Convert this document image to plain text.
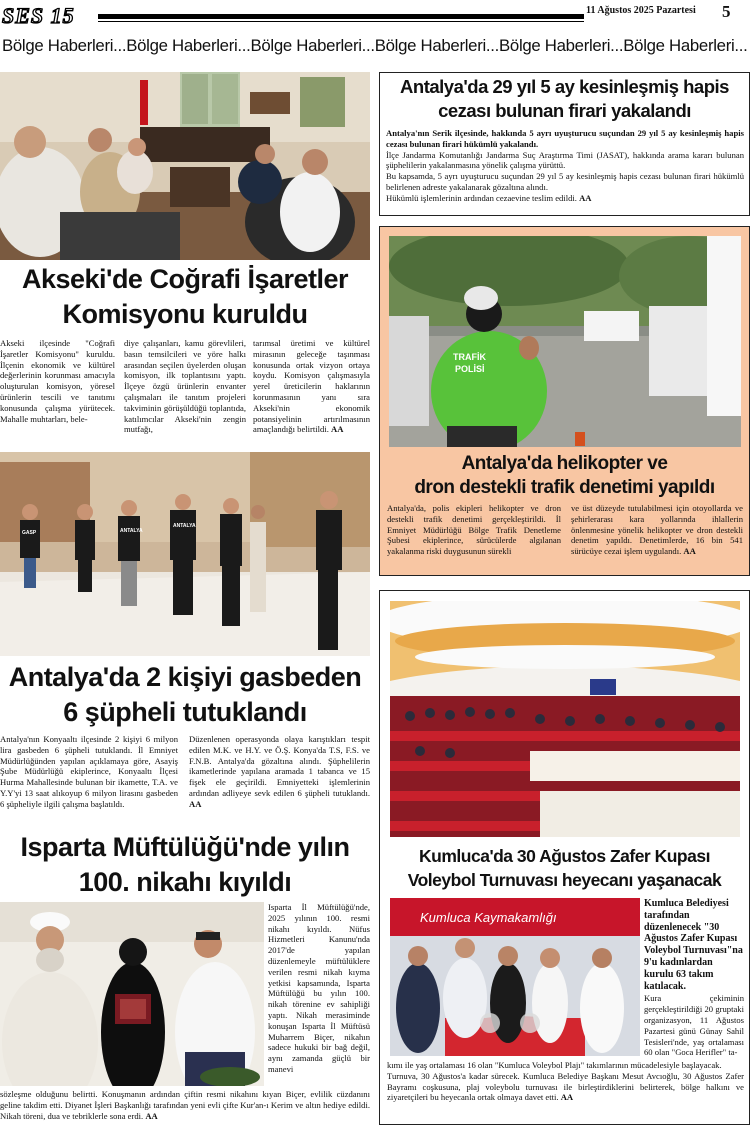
SES 15	11 Ağustos 2025 Pazartesi 5
Bölge Haberleri...Bölge Haberleri...Bölge Haberleri...Bölge Haberleri...Bölge Haberleri...Bölge Haberleri...
Akseki'de Coğrafi İşaretler
Komisyonu kuruldu
Akseki ilçesinde "Coğrafi İşaretler Komisyonu" kuruldu. İlçenin ekonomik ve kültürel değerlerinin korunması amacıyla oluşturulan komisyon, yöresel ürünlerin tescili ve tanıtımı konusunda çalışma yürütecek. Mahalle muhtarları, bele-
diye çalışanları, kamu görevlileri, basın temsilcileri ve yöre halkı arasından seçilen üyelerden oluşan komisyon, ilk toplantısını yaptı. İlçeye özgü ürünlerin envanter çalışmaları ile tanıtım projeleri takviminin görüşüldüğü toplantıda, katılımcılar Akseki'nin zengin mutfağı,
tarımsal üretimi ve kültürel mirasının geleceğe taşınması konusunda ortak vizyon ortaya koydu. Komisyon çalışmasıyla yerel üreticilerin haklarının korunmasının yanı sıra Akseki'nin ekonomik potansiyelinin artırılmasının amaçlandığı belirtildi. AA
ANTALYA
ANTALYA
GASP
Antalya'da 2 kişiyi gasbeden
6 şüpheli tutuklandı
Antalya'nın Konyaaltı ilçesinde 2 kişiyi 6 milyon lira gasbeden 6 şüpheli tutuklandı. İl Emniyet Müdürlüğünden yapılan açıklamaya göre, Asayiş Şube Müdürlüğü ekiplerince, Konyaaltı İlçesi Hurma Mahallesinde bulunan bir ikamette, T.A. ve Y.Y'yi 13 saat alıkoyup 6 milyon lirasını gasbeden 6 şüpheliyle ilgili çalışma başlatıldı.
Düzenlenen operasyonda olaya karıştıkları tespit edilen M.K. ve H.Y. ve Ö.Ş. Konya'da T.S, F.S. ve F.N.B. Antalya'da gözaltına alındı. Şüphelilerin ikametlerinde yapılana aramada 1 tabanca ve 15 fişek ele geçirildi. Emniyetteki işlemlerinin ardından adliyeye sevk edilen 6 şüpheli tutuklandı. AA
Isparta Müftülüğü'nde yılın
100. nikahı kıyıldı
Isparta İl Müftülüğü'nde, 2025 yılının 100. resmi nikahı kıyıldı. Nüfus Hizmetleri Kanunu'nda 2017'de yapılan düzenlemeyle müftülüklere verilen resmi nikah kıyma yetkisi kapsamında, Isparta Müftülüğü bu yılın 100. nikah törenine ev sahipliği yaptı. Nikah merasiminde konuşan Isparta İl Müftüsü Muharrem Biçer, nikahın sadece hukuki bir bağ değil, aynı zamanda güçlü bir manevi
sözleşme olduğunu belirtti. Konuşmanın ardından çiftin resmi nikahını kıyan Biçer, evlilik cüzdanını geline takdim etti. Diyanet İşleri Başkanlığı tarafından yeni evli çifte Kur'an-ı Kerim ve altın hediye edildi. Nikah töreni, dua ve tebriklerle sona erdi. AA
Antalya'da 29 yıl 5 ay kesinleşmiş hapis
cezası bulunan firari yakalandı
Antalya'nın Serik ilçesinde, hakkında 5 ayrı uyuşturucu suçundan 29 yıl 5 ay kesinleşmiş hapis cezası bulunan firari hükümlü yakalandı.
İlçe Jandarma Komutanlığı Jandarma Suç Araştırma Timi (JASAT), hakkında arama kararı bulunan şüphelilerin yakalanmasına yönelik çalışma yürüttü.
Bu kapsamda, 5 ayrı uyuşturucu suçundan 29 yıl 5 ay kesinleşmiş hapis cezası bulunan firari hükümlü belirlenen adreste yakalanarak gözaltına alındı.
Hükümlü işlemlerinin ardından cezaevine teslim edildi. AA
TRAFİK
POLİSİ
Antalya'da helikopter ve
dron destekli trafik denetimi yapıldı
Antalya'da, polis ekipleri helikopter ve dron destekli trafik denetimi gerçekleştirildi. İl Emniyet Müdürlüğü Bölge Trafik Denetleme Şubesi ekiplerince, sürücülerde algılanan yakalanma riski duygusunun sürekli
ve üst düzeyde tutulabilmesi için otoyollarda ve şehirlerarası kara yollarında ihlallerin önlenmesine yönelik helikopter ve dron destekli denetim yapıldı. Denetimlerde, 16 bin 541 sürücüye cezai işlem uygulandı. AA
Kumluca'da 30 Ağustos Zafer Kupası
Voleybol Turnuvası heyecanı yaşanacak
Kumluca Kaymakamlığı
Kumluca Belediyesi tarafından düzenlenecek "30 Ağustos Zafer Kupası Voleybol Turnuvası"na 9'u kadınlardan kurulu 63 takım katılacak.
Kura çekiminin gerçekleştirildiği 20 gruptaki organizasyon, 11 Ağustos Pazartesi günü Günay Sahil Tesisleri'nde, yaş ortalaması 60 olan "Goca Herifler" ta-
kımı ile yaş ortalaması 16 olan "Kumluca Voleybol Plajı" takımlarının mücadelesiyle başlayacak.
Turnuva, 30 Ağustos'a kadar sürecek. Kumluca Belediye Başkanı Mesut Avcıoğlu, 30 Ağustos Zafer Bayramı coşkusuna, plaj voleybolu turnuvası ile birleştirdiklerini belirterek, bölge halkını ve ziyaretçileri bu heyecanla ortak olmaya davet etti. AA
